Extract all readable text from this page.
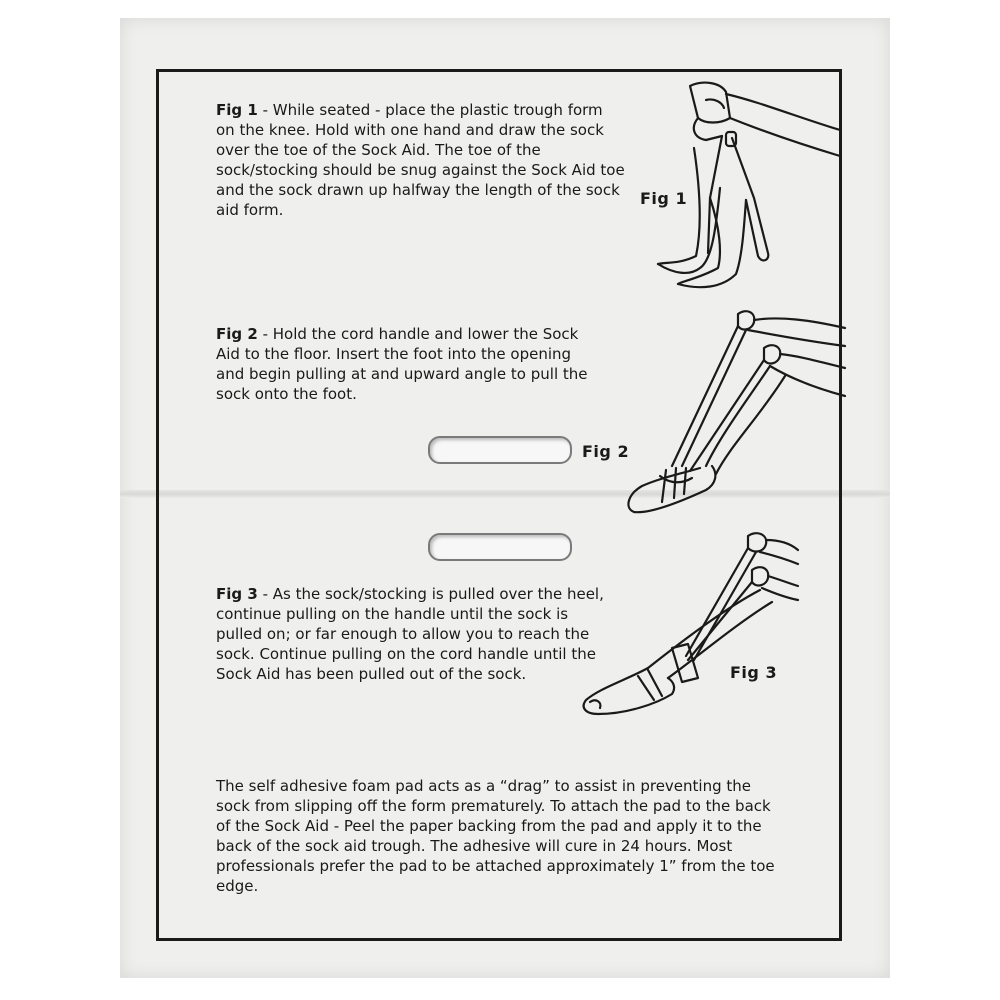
Fig 1 - While seated - place the plastic trough form on the knee. Hold with one hand and draw the sock over the toe of the Sock Aid. The toe of the sock/stocking should be snug against the Sock Aid toe and the sock drawn up halfway the length of the sock aid form.

Fig 1

Fig 2 - Hold the cord handle and lower the Sock Aid to the floor. Insert the foot into the opening and begin pulling at and upward angle to pull the sock onto the foot.

Fig 2

Fig 3 - As the sock/stocking is pulled over the heel, continue pulling on the handle until the sock is pulled on; or far enough to allow you to reach the sock. Continue pulling on the cord handle until the Sock Aid has been pulled out of the sock.	Fig 3

The self adhesive foam pad acts as a “drag” to assist in preventing the sock from slipping off the form prematurely. To attach the pad to the back of the Sock Aid - Peel the paper backing from the pad and apply it to the back of the sock aid trough. The adhesive will cure in 24 hours. Most professionals prefer the pad to be attached approximately 1” from the toe edge.
